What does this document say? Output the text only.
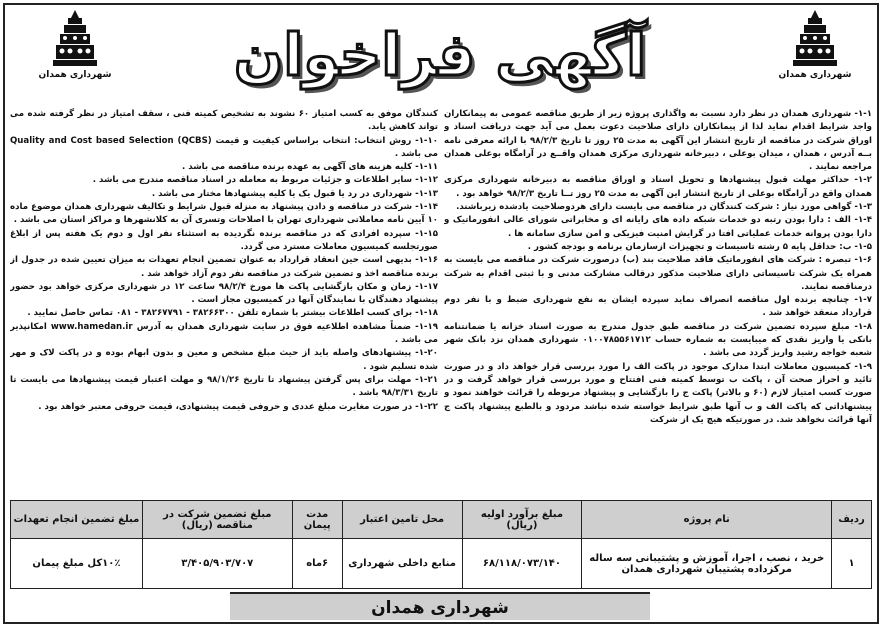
شهرداری همدان
آگهی فراخوان
شهرداری همدان

۱-۱- شهرداری همدان در نظر دارد نسبت به واگذاری پروژه زیر از طریق مناقصه عمومی به پیمانکاران واجد شرایط اقدام نماید لذا از پیمانکاران دارای صلاحیت دعوت بعمل می آید جهت دریافت اسناد و اوراق شرکت در مناقصه از تاریخ انتشار این آگهی به مدت ۲۵ روز تا تاریخ ۹۸/۲/۳ با ارائه معرفی نامه بــه آدرس ، همدان ، میدان بوعلی ، دبیرخانه شهرداری مرکزی همدان واقــع در آرامگاه بوعلی همدان مراجعه نمایند .

۱-۲- حداکثر مهلت قبول پیشنهادها و تحویل اسناد و اوراق مناقصه به دبیرخانه شهرداری مرکزی همدان واقع در آرامگاه بوعلی از تاریخ انتشار این آگهی به مدت ۲۵ روز تــا تاریخ ۹۸/۲/۳ خواهد بود .

۱-۳- گواهی مورد نیاز : شرکت کنندگان در مناقصه می بایست دارای هردوصلاحیت یادشده زیرباشند.

۱-۴- الف : دارا بودن رتبه دو خدمات شبکه داده های رایانه ای و مخابراتی شورای عالی انفورماتیک و دارا بودن پروانه خدمات عملیاتی افتا در گرایش امنیت فیزیکی و امن سازی سامانه ها .

۱-۵- ب: حداقل پایه ۵ رشته تاسیسات و تجهیزات ازسازمان برنامه و بودجه کشور .

۱-۶- تبصره : شرکت های انفورماتیک فاقد صلاحیت بند (ب) درصورت شرکت در مناقصه می بایست به همراه یک شرکت تاسیساتی دارای صلاحیت مذکور درقالب مشارکت مدنی و با ثبتی اقدام به شرکت درمناقصه نمایند.

۱-۷- چنانچه برنده اول مناقصه انصراف نماید سپرده ایشان به نفع شهرداری ضبط و با نفر دوم قرارداد منعقد خواهد شد .

۱-۸- مبلغ سپرده تضمین شرکت در مناقصه طبق جدول مندرج به صورت اسناد خزانه یا ضمانتنامه بانکی یا واریز نقدی که میبایست به شماره حساب ۰۱۰۰۷۸۵۵۶۱۷۱۲ شهرداری همدان نزد بانک شهر شعبه خواجه رشید واریز گردد می باشد .

۱-۹- کمیسیون معاملات ابتدا مدارک موجود در پاکت الف را مورد بررسی قرار خواهد داد و در صورت تائید و احراز صحت آن ، پاکت ب توسط کمیته فنی افتتاح و مورد بررسی قرار خواهد گرفت و در صورت کسب امتیاز لازم (۶۰ و بالاتر) پاکت ج را بازگشایی و پیشنهاد مربوطه را قرائت خواهند نمود و پیشنهاداتی که پاکت الف و ب آنها طبق شرایط خواسته شده نباشد مردود و بالطبع پیشنهاد پاکت ج آنها قرائت نخواهد شد. در صورتیکه هیچ یک از شرکت

کنندگان موفق به کسب امتیاز ۶۰ نشوند به تشخیص کمیته فنی ، سقف امتیاز در نظر گرفته شده می تواند کاهش یابد.

۱-۱۰- روش انتخاب: انتخاب براساس کیفیت و قیمت (QCBS) Quality and Cost based Selection می باشد .

۱-۱۱- کلیه هزینه های آگهی به عهده برنده مناقصه می باشد .

۱-۱۲- سایر اطلاعات و جزئیات مربوط به معامله در اسناد مناقصه مندرج می باشد .

۱-۱۳- شهرداری در رد یا قبول یک یا کلیه پیشنهادها مختار می باشد .

۱-۱۴- شرکت در مناقصه و دادن پیشنهاد به منزله قبول شرایط و تکالیف شهرداری همدان موضوع ماده ۱۰ آیین نامه معاملاتی شهرداری تهران با اصلاحات وتسری آن به کلانشهرها و مراکز استان می باشد .

۱-۱۵- سپرده افرادی که در مناقصه برنده نگردیده به استثناء نفر اول و دوم یک هفته پس از ابلاغ صورتجلسه کمیسیون معاملات مسترد می گردد.

۱-۱۶- بدیهی است حین انعقاد قرارداد به عنوان تضمین انجام تعهدات به میزان تعیین شده در جدول از برنده مناقصه اخذ و تضمین شرکت در مناقصه نفر دوم آزاد خواهد شد .

۱-۱۷- زمان و مکان بازگشایی پاکت ها مورخ ۹۸/۲/۴ ساعت ۱۲ در شهرداری مرکزی خواهد بود حضور پیشنهاد دهندگان با نمایندگان آنها در کمیسیون مجاز است .

۱-۱۸- برای کسب اطلاعات بیشتر با شماره تلفن ۳۸۲۶۶۳۰۰ - ۳۸۲۶۷۷۹۱ - ۰۸۱ تماس حاصل نمایید .

۱-۱۹- ضمناً مشاهده اطلاعیه فوق در سایت شهرداری همدان به آدرس www.hamedan.ir امکانپذیر می باشد .

۱-۲۰- پیشنهادهای واصله باید از حیث مبلغ مشخص و معین و بدون ابهام بوده و در پاکت لاک و مهر شده تسلیم شود .

۱-۲۱- مهلت برای پس گرفتن پیشنهاد تا تاریخ ۹۸/۱/۲۶ و مهلت اعتبار قیمت پیشنهادها می بایست تا تاریخ ۹۸/۳/۳۱ باشد .

۱-۲۲- در صورت مغایرت مبلغ عددی و حروفی قیمت پیشنهادی، قیمت حروفی معتبر خواهد بود .

ردیف	نام پروژه	مبلغ برآورد اولیه (ریال)	محل تامین اعتبار	مدت پیمان	مبلغ تضمین شرکت در مناقصه (ریال)	مبلغ تضمین انجام تعهدات
۱	خرید ، نصب ، اجرا، آموزش و پشتیبانی سه ساله مرکزداده پشتیبان شهرداری همدان	۶۸/۱۱۸/۰۷۳/۱۴۰	منابع داخلی شهرداری	۶ماه	۳/۴۰۵/۹۰۳/۷۰۷	۱۰٪کل مبلغ پیمان
شهرداری همدان
